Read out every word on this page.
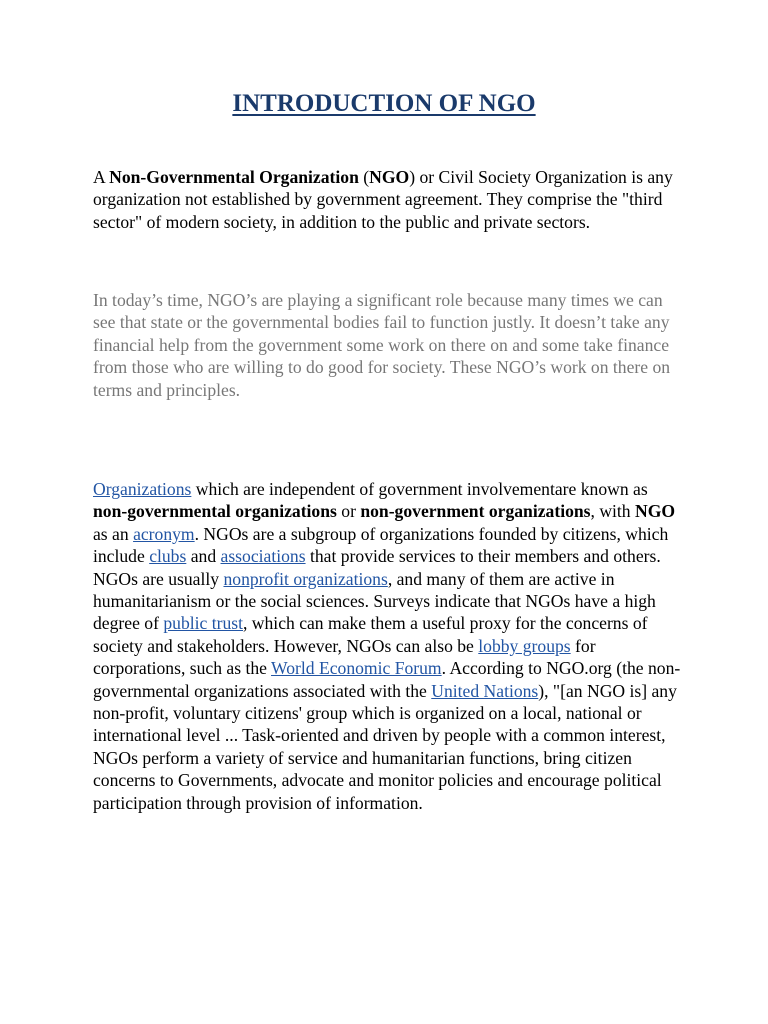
INTRODUCTION OF NGO

A Non-Governmental Organization (NGO) or Civil Society Organization is any organization not established by government agreement. They comprise the "third sector" of modern society, in addition to the public and private sectors.

In today’s time, NGO’s are playing a significant role because many times we can see that state or the governmental bodies fail to function justly. It doesn’t take any financial help from the government some work on there on and some take finance from those who are willing to do good for society. These NGO’s work on there on terms and principles.

Organizations which are independent of government involvementare known as non-governmental organizations or non-government organizations, with NGO as an acronym. NGOs are a subgroup of organizations founded by citizens, which include clubs and associations that provide services to their members and others. NGOs are usually nonprofit organizations, and many of them are active in humanitarianism or the social sciences. Surveys indicate that NGOs have a high degree of public trust, which can make them a useful proxy for the concerns of society and stakeholders. However, NGOs can also be lobby groups for corporations, such as the World Economic Forum. According to NGO.org (the non-governmental organizations associated with the United Nations), "[an NGO is] any non-profit, voluntary citizens' group which is organized on a local, national or international level ... Task-oriented and driven by people with a common interest, NGOs perform a variety of service and humanitarian functions, bring citizen concerns to Governments, advocate and monitor policies and encourage political participation through provision of information.
